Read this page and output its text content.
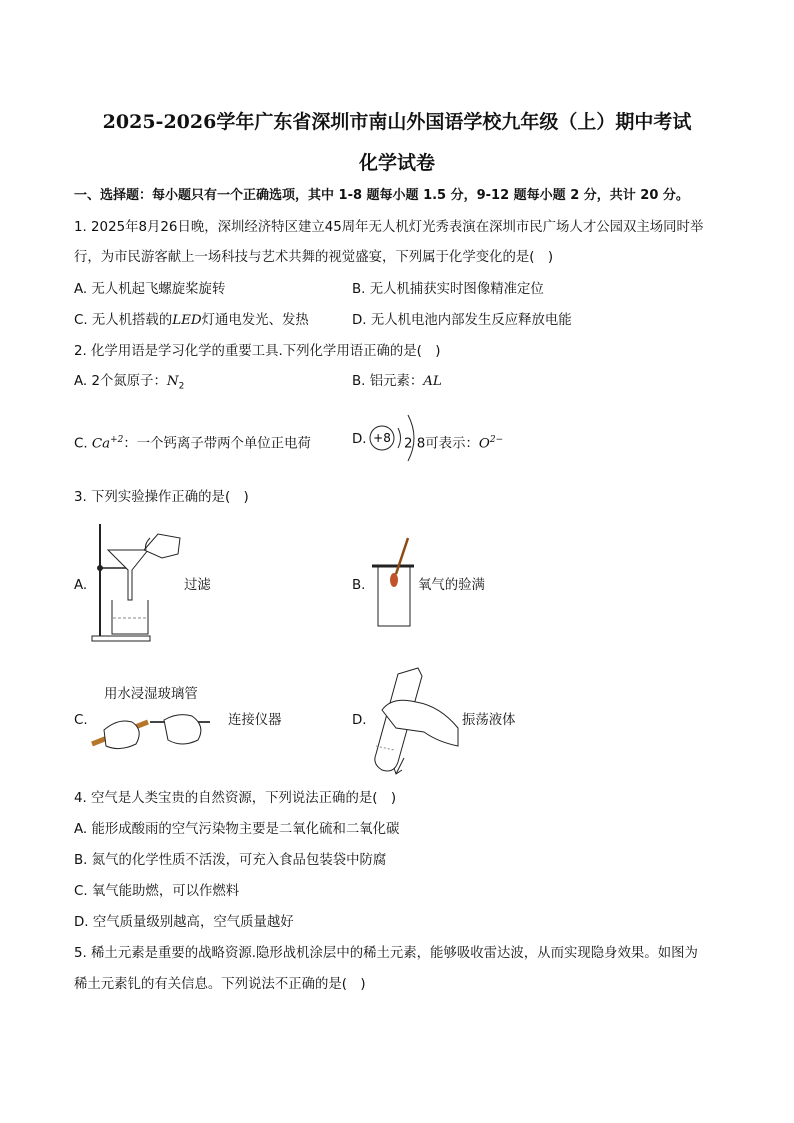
2025-2026学年广东省深圳市南山外国语学校九年级（上）期中考试
化学试卷
一、选择题：每小题只有一个正确选项，其中 1-8 题每小题 1.5 分，9-12 题每小题 2 分，共计 20 分。
1. 2025年8月26日晚，深圳经济特区建立45周年无人机灯光秀表演在深圳市民广场人才公园双主场同时举
行，为市民游客献上一场科技与艺术共舞的视觉盛宴，下列属于化学变化的是(　)
A. 无人机起飞螺旋桨旋转	B. 无人机捕获实时图像精准定位
C. 无人机搭载的LED灯通电发光、发热	D. 无人机电池内部发生反应释放电能
2. 化学用语是学习化学的重要工具.下列化学用语正确的是(　)
A. 2个氮原子：$N_2$	B. 铝元素：AL
C. $Ca^{+2}$：一个钙离子带两个单位正电荷	D. +8 2 8可表示：$O^{2-}$
3. 下列实验操作正确的是(　)
A.	过滤	B.	氧气的验满
用水浸湿玻璃管
C.	连接仪器	D.	振荡液体
4. 空气是人类宝贵的自然资源，下列说法正确的是(　)
A. 能形成酸雨的空气污染物主要是二氧化硫和二氧化碳
B. 氮气的化学性质不活泼，可充入食品包装袋中防腐
C. 氧气能助燃，可以作燃料
D. 空气质量级别越高，空气质量越好
5. 稀土元素是重要的战略资源.隐形战机涂层中的稀土元素，能够吸收雷达波，从而实现隐身效果。如图为
稀土元素钆的有关信息。下列说法不正确的是(　)
